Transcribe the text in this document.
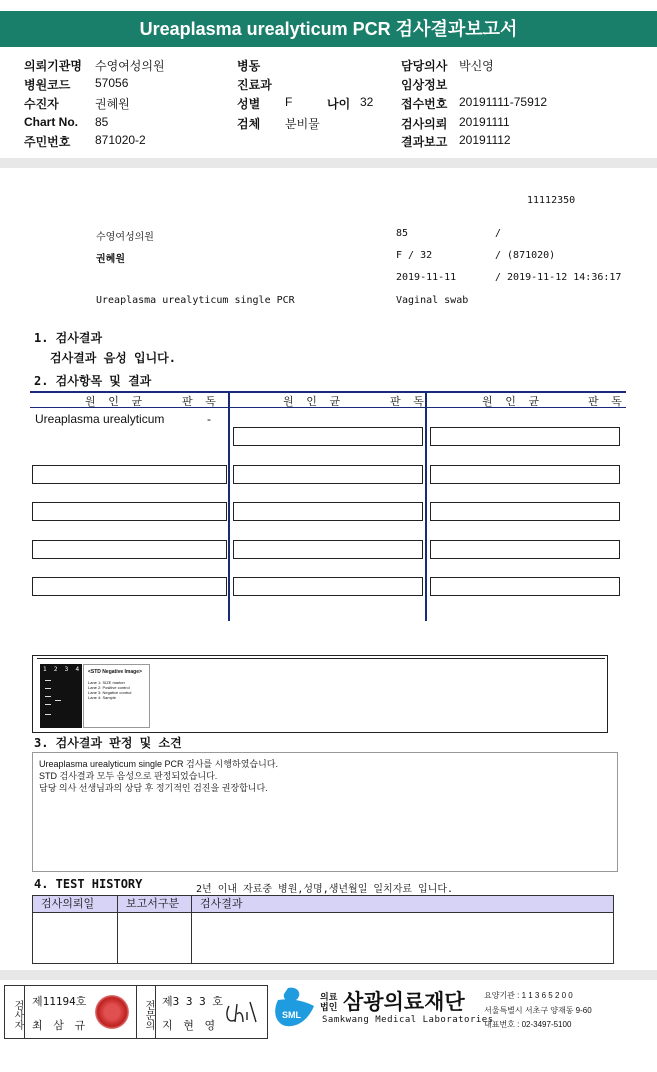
Ureaplasma urealyticum PCR 검사결과보고서
의뢰기관명 수영여성의원
병원코드 57056
수진자	권혜원
Chart No. 85
주민번호 871020-2
병동
진료과
성별 F	나이 32
검체 분비물
담당의사 박신영
임상정보
접수번호 20191111-75912
검사의뢰 20191111
결과보고 20191112
11112350
수영여성의원	85	/
권혜원	F / 32	/ (871020)
2019-11-11	/ 2019-11-12 14:36:17
Ureaplasma urealyticum single PCR	Vaginal swab
1. 검사결과
검사결과 음성 입니다.
2. 검사항목 및 결과
원 인 균	판 독	원 인 균	판 독	원 인 균	판 독
Ureaplasma urealyticum	-
1  2  3  4 <STD Negative Image>
Lane 1: SIZE marker
Lane 2: Positive control
Lane 3: Negative control
Lane 4: Sample
3. 검사결과 판정 및 소견
Ureaplasma urealyticum single PCR 검사를 시행하였습니다.
STD 검사결과 모두 음성으로 판정되었습니다.
담당 의사 선생님과의 상담 후 정기적인 검진을 권장합니다.
4. TEST HISTORY	2년 이내 자료중 병원,성명,생년월일 일치자료 입니다.
검사의뢰일	보고서구분	검사결과
검사자 제11194호
최 삼 규	전문의 제3 3 3 호
지 현 영
SML
의료법인 삼광의료재단
Samkwang Medical Laboratories
요양기관 : 1 1 3 6 5 2 0 0
서울특별시 서초구 양재동 9-60
대표번호 : 02-3497-5100
